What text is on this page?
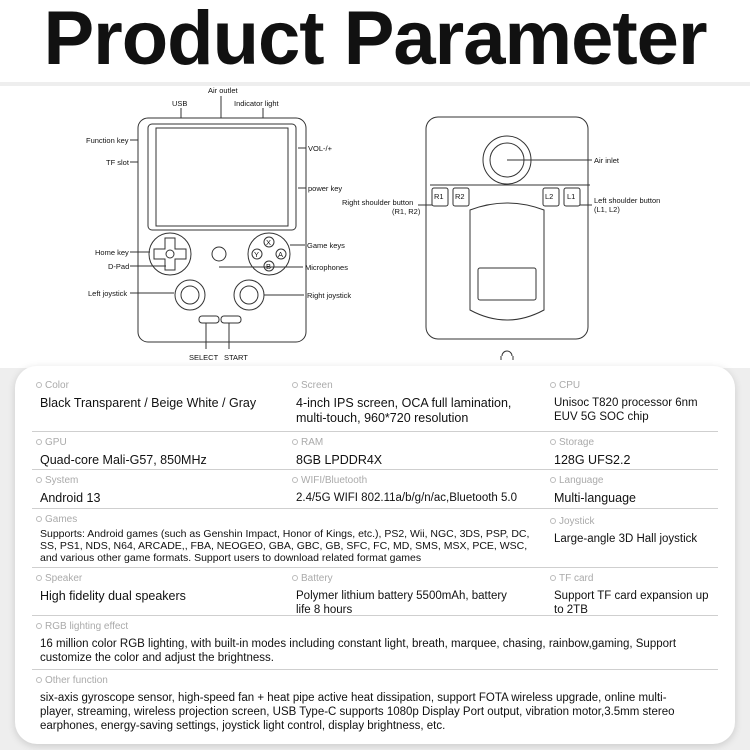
Product Parameter
USB
Air outlet
Indicator light
Function key
TF slot
VOL-/+
power key
Home key
D-Pad
Left joystick
Game keys
Microphones
Right joystick
SELECT START
X
Y	A
B
Air inlet
Right shoulder button
(R1, R2)
Left shoulder button
(L1, L2)
R1 R2	L2 L1
Color
Black Transparent / Beige White / Gray
Screen
4-inch IPS screen, OCA full lamination, multi-touch, 960*720 resolution
CPU
Unisoc T820 processor 6nm EUV 5G SOC chip
GPU
Quad-core Mali-G57, 850MHz
RAM
8GB LPDDR4X
Storage
128G UFS2.2
System
Android 13
WIFI/Bluetooth
2.4/5G WIFI 802.11a/b/g/n/ac,Bluetooth 5.0
Language
Multi-language
Games
Supports: Android games (such as Genshin Impact, Honor of Kings, etc.), PS2, Wii, NGC, 3DS, PSP, DC, SS, PS1, NDS, N64, ARCADE,, FBA, NEOGEO, GBA, GBC, GB, SFC, FC, MD, SMS, MSX, PCE, WSC, and various other game formats. Support users to download related format games
Joystick
Large-angle 3D Hall joystick
Speaker
High fidelity dual speakers
Battery
Polymer lithium battery 5500mAh, battery life 8 hours
TF card
Support TF card expansion up to 2TB
RGB lighting effect
16 million color RGB lighting, with built-in modes including constant light, breath, marquee, chasing, rainbow,gaming, Support customize the color and adjust the brightness.
Other function
six-axis gyroscope sensor, high-speed fan + heat pipe active heat dissipation, support FOTA wireless upgrade, online multi-player, streaming, wireless projection screen, USB Type-C supports 1080p Display Port output, vibration motor,3.5mm stereo earphones, energy-saving settings, joystick light control, display brightness, etc.
